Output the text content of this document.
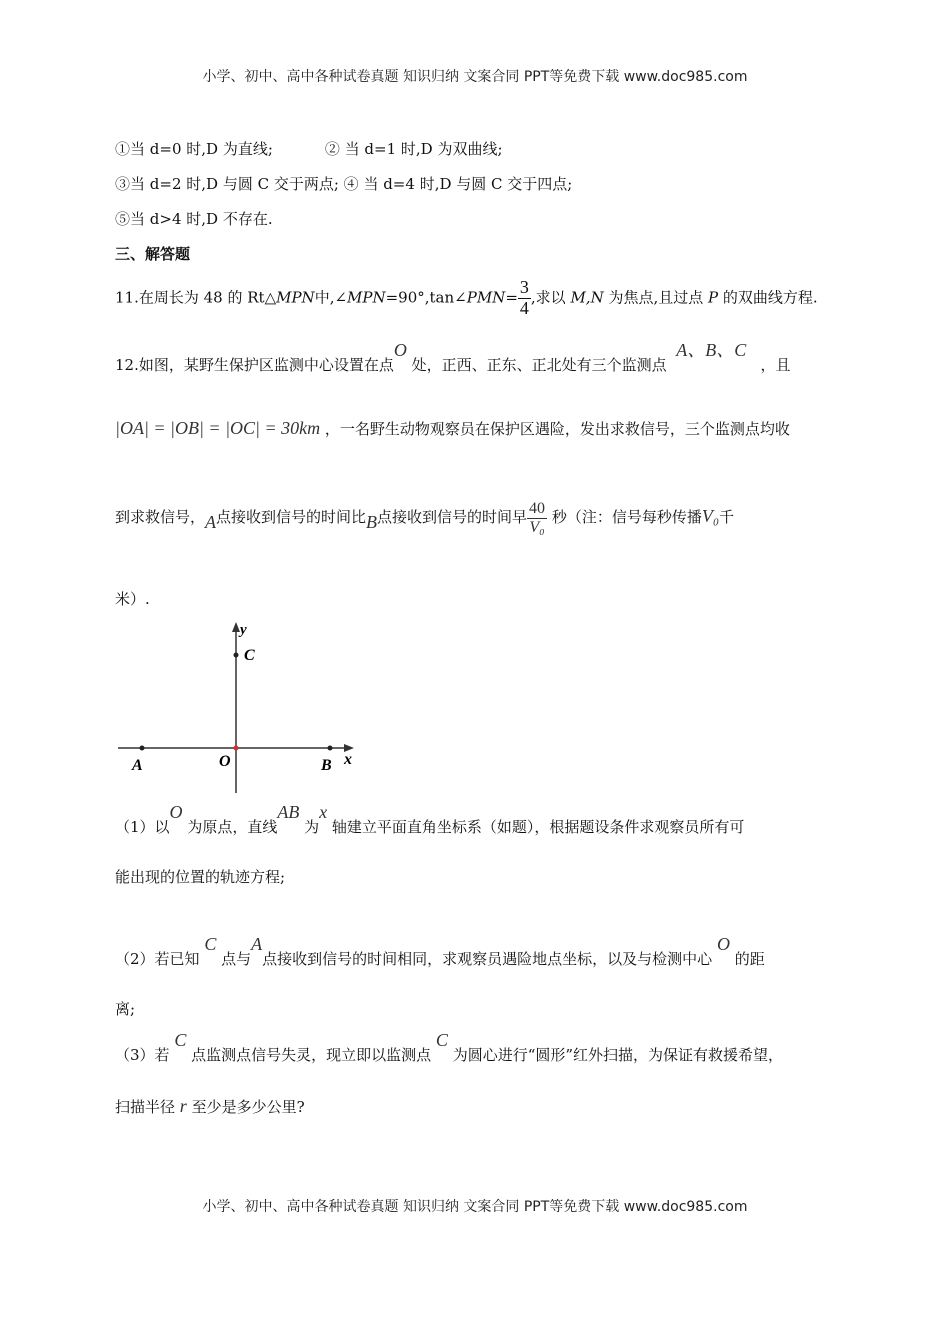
小学、初中、高中各种试卷真题 知识归纳 文案合同 PPT等免费下载 www.doc985.com
①当 d=0 时,D 为直线;	② 当 d=1 时,D 为双曲线;
③当 d=2 时,D 与圆 C 交于两点; ④ 当 d=4 时,D 与圆 C 交于四点;
⑤当 d>4 时,D 不存在.
三、解答题
11.在周长为 48 的 Rt△MPN中,∠MPN=90°,tan∠PMN= $\frac{3}{4}$ ,求以 M,N 为焦点,且过点 P 的双曲线方程.
12.如图，某野生保护区监测中心设置在点O 处，正西、正东、正北处有三个监测点  A、B、C   ，且
|OA| = |OB| = |OC| = 30km ，一名野生动物观察员在保护区遇险，发出求救信号，三个监测点均收
到求救信号，A点接收到信号的时间比B点接收到信号的时间早 $\frac{40}{\text{V₀}}$ 秒（注：信号每秒传播V₀千
米）.
y
C
A	O	B x
（1）以O 为原点，直线AB 为x 轴建立平面直角坐标系（如题），根据题设条件求观察员所有可
能出现的位置的轨迹方程;
（2）若已知 C 点与A点接收到信号的时间相同，求观察员遇险地点坐标，以及与检测中心 O 的距
离;
（3）若 C 点监测点信号失灵，现立即以监测点 C 为圆心进行“圆形”红外扫描，为保证有救援希望，
扫描半径 r 至少是多少公里?
小学、初中、高中各种试卷真题 知识归纳 文案合同 PPT等免费下载 www.doc985.com
